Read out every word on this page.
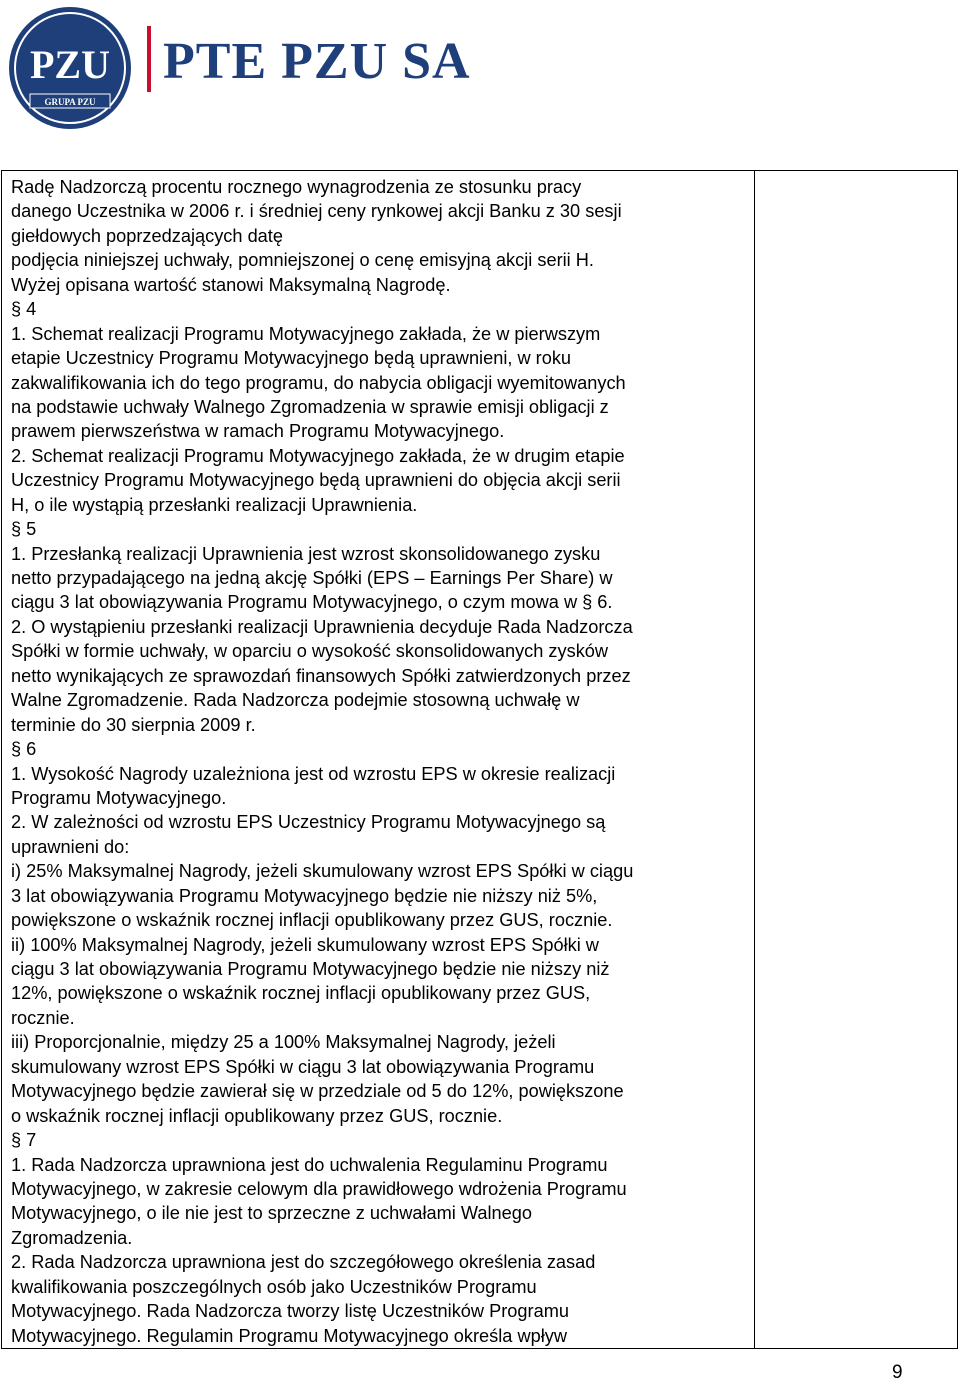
PZU
GRUPA PZU
PTE PZU SA
Radę Nadzorczą procentu rocznego wynagrodzenia ze stosunku pracy
danego Uczestnika w 2006 r. i średniej ceny rynkowej akcji Banku z 30 sesji
giełdowych poprzedzających datę
podjęcia niniejszej uchwały, pomniejszonej o cenę emisyjną akcji serii H.
Wyżej opisana wartość stanowi Maksymalną Nagrodę.
§ 4
1. Schemat realizacji Programu Motywacyjnego zakłada, że w pierwszym
etapie Uczestnicy Programu Motywacyjnego będą uprawnieni, w roku
zakwalifikowania ich do tego programu, do nabycia obligacji wyemitowanych
na podstawie uchwały Walnego Zgromadzenia w sprawie emisji obligacji z
prawem pierwszeństwa w ramach Programu Motywacyjnego.
2. Schemat realizacji Programu Motywacyjnego zakłada, że w drugim etapie
Uczestnicy Programu Motywacyjnego będą uprawnieni do objęcia akcji serii
H, o ile wystąpią przesłanki realizacji Uprawnienia.
§ 5
1. Przesłanką realizacji Uprawnienia jest wzrost skonsolidowanego zysku
netto przypadającego na jedną akcję Spółki (EPS – Earnings Per Share) w
ciągu 3 lat obowiązywania Programu Motywacyjnego, o czym mowa w § 6.
2. O wystąpieniu przesłanki realizacji Uprawnienia decyduje Rada Nadzorcza
Spółki w formie uchwały, w oparciu o wysokość skonsolidowanych zysków
netto wynikających ze sprawozdań finansowych Spółki zatwierdzonych przez
Walne Zgromadzenie. Rada Nadzorcza podejmie stosowną uchwałę w
terminie do 30 sierpnia 2009 r.
§ 6
1. Wysokość Nagrody uzależniona jest od wzrostu EPS w okresie realizacji
Programu Motywacyjnego.
2. W zależności od wzrostu EPS Uczestnicy Programu Motywacyjnego są
uprawnieni do:
i) 25% Maksymalnej Nagrody, jeżeli skumulowany wzrost EPS Spółki w ciągu
3 lat obowiązywania Programu Motywacyjnego będzie nie niższy niż 5%,
powiększone o wskaźnik rocznej inflacji opublikowany przez GUS, rocznie.
ii) 100% Maksymalnej Nagrody, jeżeli skumulowany wzrost EPS Spółki w
ciągu 3 lat obowiązywania Programu Motywacyjnego będzie nie niższy niż
12%, powiększone o wskaźnik rocznej inflacji opublikowany przez GUS,
rocznie.
iii) Proporcjonalnie, między 25 a 100% Maksymalnej Nagrody, jeżeli
skumulowany wzrost EPS Spółki w ciągu 3 lat obowiązywania Programu
Motywacyjnego będzie zawierał się w przedziale od 5 do 12%, powiększone
o wskaźnik rocznej inflacji opublikowany przez GUS, rocznie.
§ 7
1. Rada Nadzorcza uprawniona jest do uchwalenia Regulaminu Programu
Motywacyjnego, w zakresie celowym dla prawidłowego wdrożenia Programu
Motywacyjnego, o ile nie jest to sprzeczne z uchwałami Walnego
Zgromadzenia.
2. Rada Nadzorcza uprawniona jest do szczegółowego określenia zasad
kwalifikowania poszczególnych osób jako Uczestników Programu
Motywacyjnego. Rada Nadzorcza tworzy listę Uczestników Programu
Motywacyjnego. Regulamin Programu Motywacyjnego określa wpływ

9
